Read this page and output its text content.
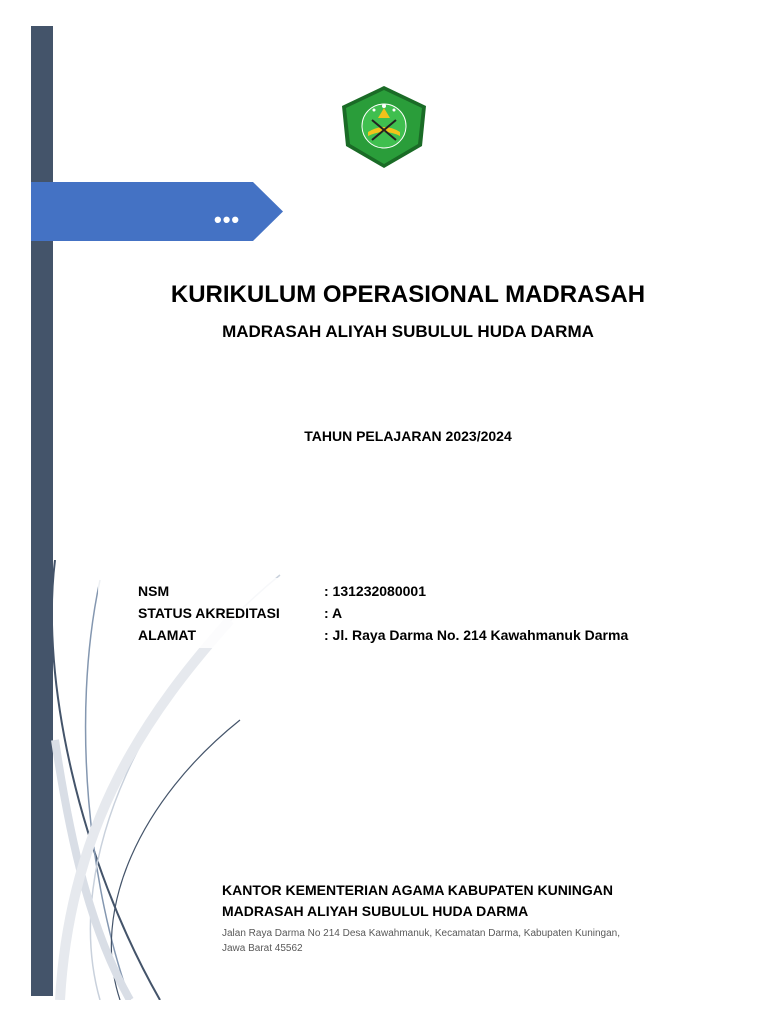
•••
KURIKULUM OPERASIONAL MADRASAH
MADRASAH ALIYAH SUBULUL HUDA DARMA
TAHUN PELAJARAN 2023/2024
NSM	: 131232080001
STATUS AKREDITASI	: A
ALAMAT	: Jl. Raya Darma No. 214 Kawahmanuk Darma
KANTOR KEMENTERIAN AGAMA KABUPATEN KUNINGAN
MADRASAH ALIYAH SUBULUL HUDA DARMA
Jalan Raya Darma No 214 Desa Kawahmanuk, Kecamatan Darma, Kabupaten Kuningan, Jawa Barat 45562
